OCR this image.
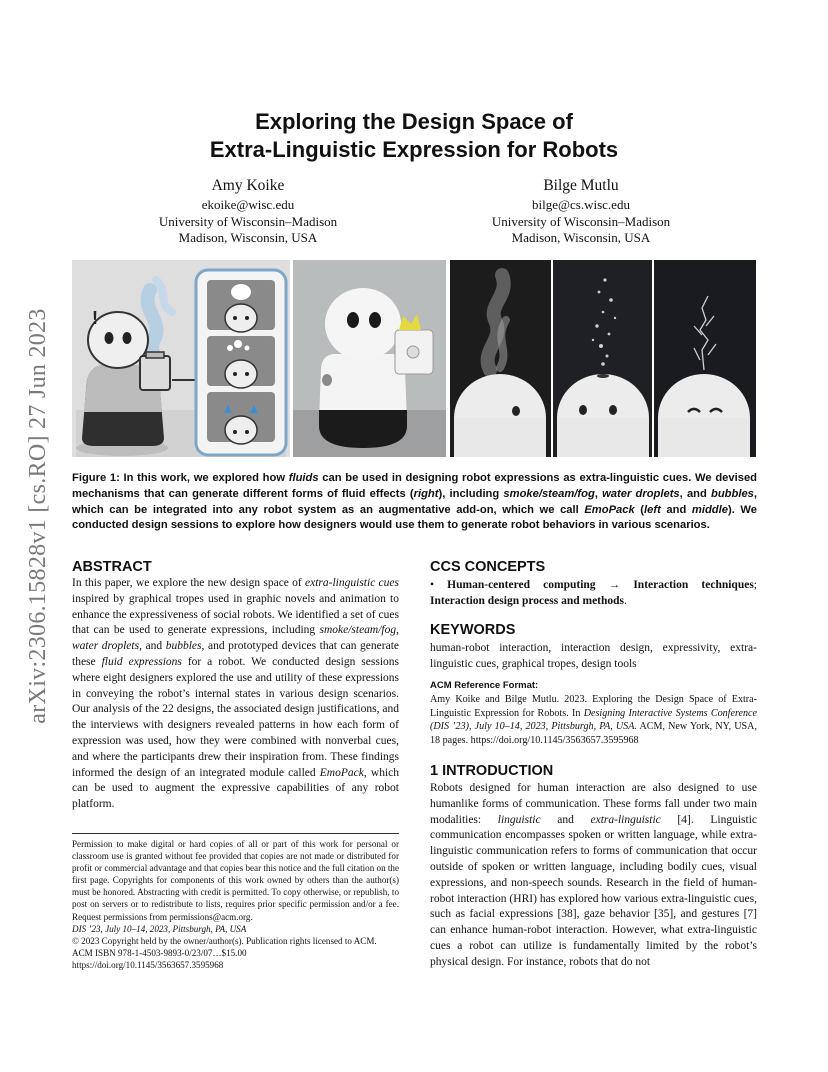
arXiv:2306.15828v1 [cs.RO] 27 Jun 2023
Exploring the Design Space of
Extra-Linguistic Expression for Robots
Amy Koike
ekoike@wisc.edu
University of Wisconsin–Madison
Madison, Wisconsin, USA
Bilge Mutlu
bilge@cs.wisc.edu
University of Wisconsin–Madison
Madison, Wisconsin, USA
!
Figure 1: In this work, we explored how fluids can be used in designing robot expressions as extra-linguistic cues. We devised mechanisms that can generate different forms of fluid effects (right), including smoke/steam/fog, water droplets, and bubbles, which can be integrated into any robot system as an augmentative add-on, which we call EmoPack (left and middle). We conducted design sessions to explore how designers would use them to generate robot behaviors in various scenarios.
ABSTRACT
In this paper, we explore the new design space of extra-linguistic cues inspired by graphical tropes used in graphic novels and animation to enhance the expressiveness of social robots. We identified a set of cues that can be used to generate expressions, including smoke/steam/fog, water droplets, and bubbles, and prototyped devices that can generate these fluid expressions for a robot. We conducted design sessions where eight designers explored the use and utility of these expressions in conveying the robot’s internal states in various design scenarios. Our analysis of the 22 designs, the associated design justifications, and the interviews with designers revealed patterns in how each form of expression was used, how they were combined with nonverbal cues, and where the participants drew their inspiration from. These findings informed the design of an integrated module called EmoPack, which can be used to augment the expressive capabilities of any robot platform.
Permission to make digital or hard copies of all or part of this work for personal or classroom use is granted without fee provided that copies are not made or distributed for profit or commercial advantage and that copies bear this notice and the full citation on the first page. Copyrights for components of this work owned by others than the author(s) must be honored. Abstracting with credit is permitted. To copy otherwise, or republish, to post on servers or to redistribute to lists, requires prior specific permission and/or a fee. Request permissions from permissions@acm.org.
DIS ’23, July 10–14, 2023, Pittsburgh, PA, USA
© 2023 Copyright held by the owner/author(s). Publication rights licensed to ACM.
ACM ISBN 978-1-4503-9893-0/23/07…$15.00
https://doi.org/10.1145/3563657.3595968
CCS CONCEPTS
• Human-centered computing → Interaction techniques; Interaction design process and methods.
KEYWORDS
human-robot interaction, interaction design, expressivity, extra-linguistic cues, graphical tropes, design tools
ACM Reference Format:
Amy Koike and Bilge Mutlu. 2023. Exploring the Design Space of Extra-Linguistic Expression for Robots. In Designing Interactive Systems Conference (DIS ’23), July 10–14, 2023, Pittsburgh, PA, USA. ACM, New York, NY, USA, 18 pages. https://doi.org/10.1145/3563657.3595968
1 INTRODUCTION
Robots designed for human interaction are also designed to use humanlike forms of communication. These forms fall under two main modalities: linguistic and extra-linguistic [4]. Linguistic communication encompasses spoken or written language, while extra-linguistic communication refers to forms of communication that occur outside of spoken or written language, including bodily cues, visual expressions, and non-speech sounds. Research in the field of human-robot interaction (HRI) has explored how various extra-linguistic cues, such as facial expressions [38], gaze behavior [35], and gestures [7] can enhance human-robot interaction. However, what extra-linguistic cues a robot can utilize is fundamentally limited by the robot’s physical design. For instance, robots that do not
